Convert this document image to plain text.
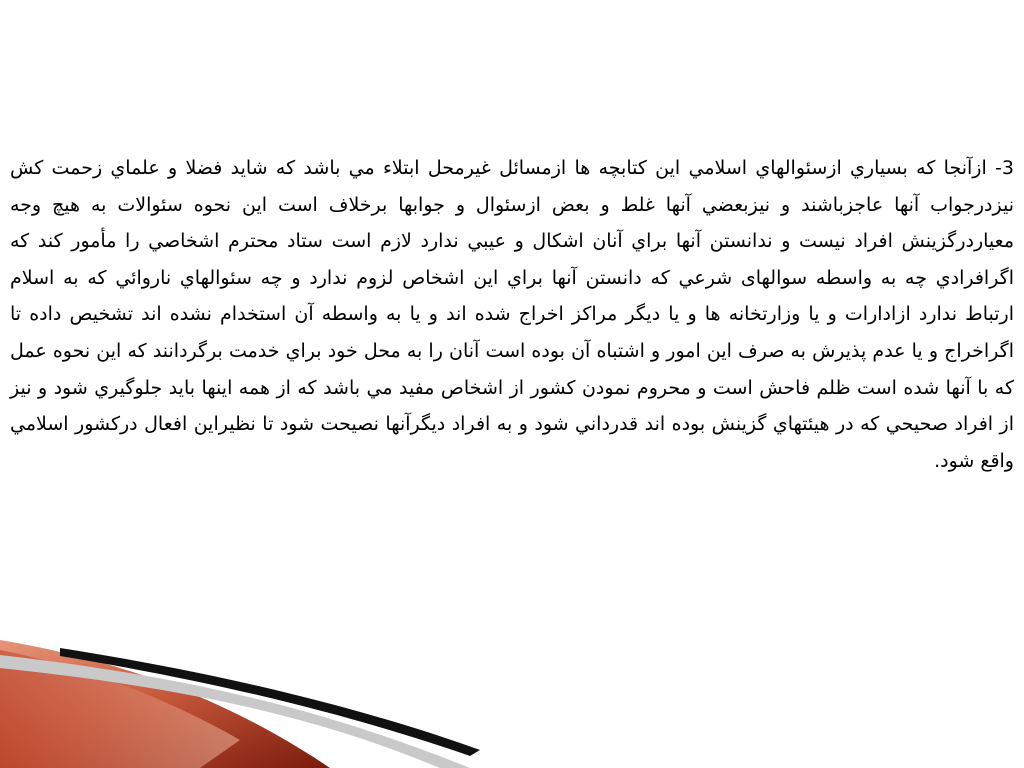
3- ازآنجا كه بسياري ازسئوالهاي اسلامي اين كتابچه ها ازمسائل غيرمحل ابتلاء مي باشد كه شايد فضلا و علماي زحمت كش نيزدرجواب آنها عاجزباشند و نيزبعضي آنها غلط و بعض ازسئوال و جوابها برخلاف است اين نحوه سئوالات به هيچ وجه معياردرگزينش افراد نيست و ندانستن آنها براي آنان اشكال و عيبي ندارد لازم است ستاد محترم اشخاصي را مأمور كند كه اگرافرادي چه به واسطه سوالهای شرعي كه دانستن آنها براي اين اشخاص لزوم ندارد و چه سئوالهاي ناروائي كه به اسلام ارتباط ندارد ازادارات و يا وزارتخانه ها و يا ديگر مراكز اخراج شده اند و يا به واسطه آن استخدام نشده اند تشخيص داده تا اگراخراج و يا عدم پذيرش به صرف اين امور و اشتباه آن بوده است آنان را به محل خود براي خدمت برگردانند كه اين نحوه عمل كه با آنها شده است ظلم فاحش است و محروم نمودن كشور از اشخاص مفيد مي باشد كه از همه اينها بايد جلوگيري شود و نيز از افراد صحيحي كه در هيئتهاي گزينش بوده اند قدرداني شود و به افراد ديگرآنها نصيحت شود تا نظيراين افعال دركشور اسلامي واقع شود.
